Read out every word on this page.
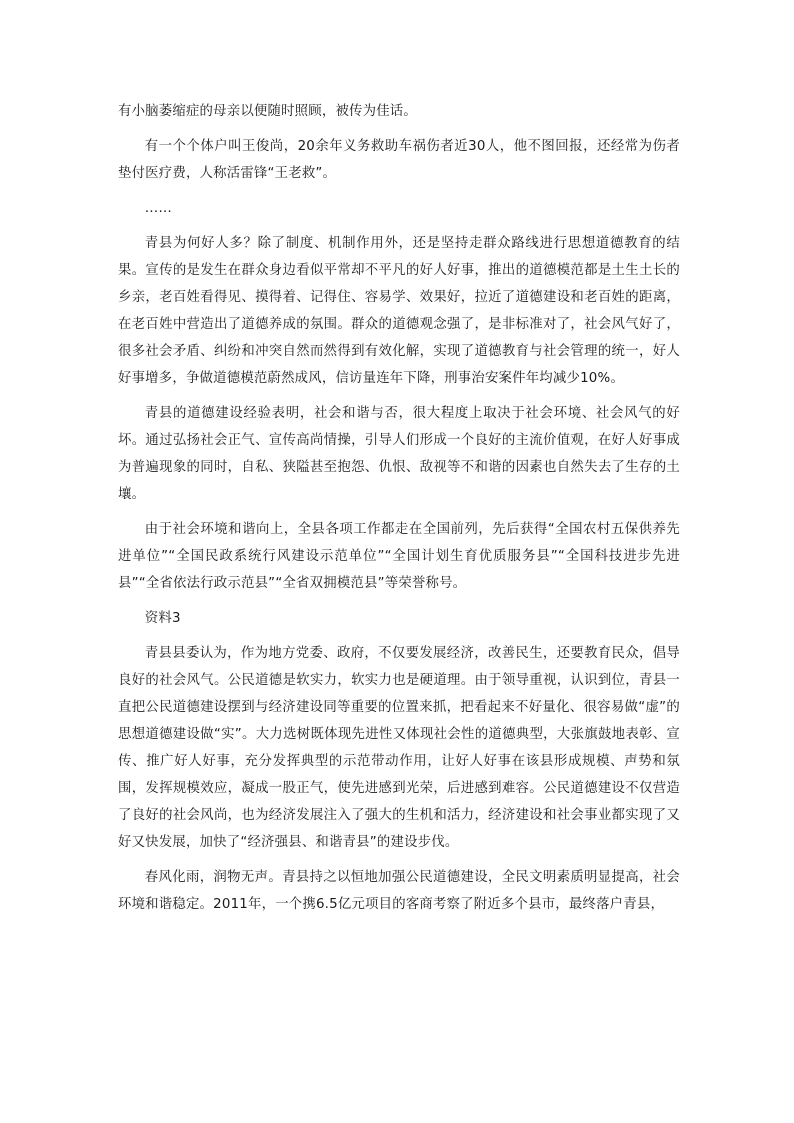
有小脑萎缩症的母亲以便随时照顾，被传为佳话。

有一个个体户叫王俊尚，20余年义务救助车祸伤者近30人，他不图回报，还经常为伤者垫付医疗费，人称活雷锋“王老救”。

……

青县为何好人多？除了制度、机制作用外，还是坚持走群众路线进行思想道德教育的结果。宣传的是发生在群众身边看似平常却不平凡的好人好事，推出的道德模范都是土生土长的乡亲，老百姓看得见、摸得着、记得住、容易学、效果好，拉近了道德建设和老百姓的距离，在老百姓中营造出了道德养成的氛围。群众的道德观念强了，是非标准对了，社会风气好了，很多社会矛盾、纠纷和冲突自然而然得到有效化解，实现了道德教育与社会管理的统一，好人好事增多，争做道德模范蔚然成风，信访量连年下降，刑事治安案件年均减少10%。

青县的道德建设经验表明，社会和谐与否，很大程度上取决于社会环境、社会风气的好坏。通过弘扬社会正气、宣传高尚情操，引导人们形成一个良好的主流价值观，在好人好事成为普遍现象的同时，自私、狭隘甚至抱怨、仇恨、敌视等不和谐的因素也自然失去了生存的土壤。

由于社会环境和谐向上，全县各项工作都走在全国前列，先后获得“全国农村五保供养先进单位”“全国民政系统行风建设示范单位”“全国计划生育优质服务县”“全国科技进步先进县”“全省依法行政示范县”“全省双拥模范县”等荣誉称号。

资料3

青县县委认为，作为地方党委、政府，不仅要发展经济，改善民生，还要教育民众，倡导良好的社会风气。公民道德是软实力，软实力也是硬道理。由于领导重视，认识到位，青县一直把公民道德建设摆到与经济建设同等重要的位置来抓，把看起来不好量化、很容易做“虚”的思想道德建设做“实”。大力选树既体现先进性又体现社会性的道德典型，大张旗鼓地表彰、宣传、推广好人好事，充分发挥典型的示范带动作用，让好人好事在该县形成规模、声势和氛围，发挥规模效应，凝成一股正气，使先进感到光荣，后进感到难容。公民道德建设不仅营造了良好的社会风尚，也为经济发展注入了强大的生机和活力，经济建设和社会事业都实现了又好又快发展，加快了“经济强县、和谐青县”的建设步伐。

春风化雨，润物无声。青县持之以恒地加强公民道德建设，全民文明素质明显提高，社会环境和谐稳定。2011年，一个携6.5亿元项目的客商考察了附近多个县市，最终落户青县，
